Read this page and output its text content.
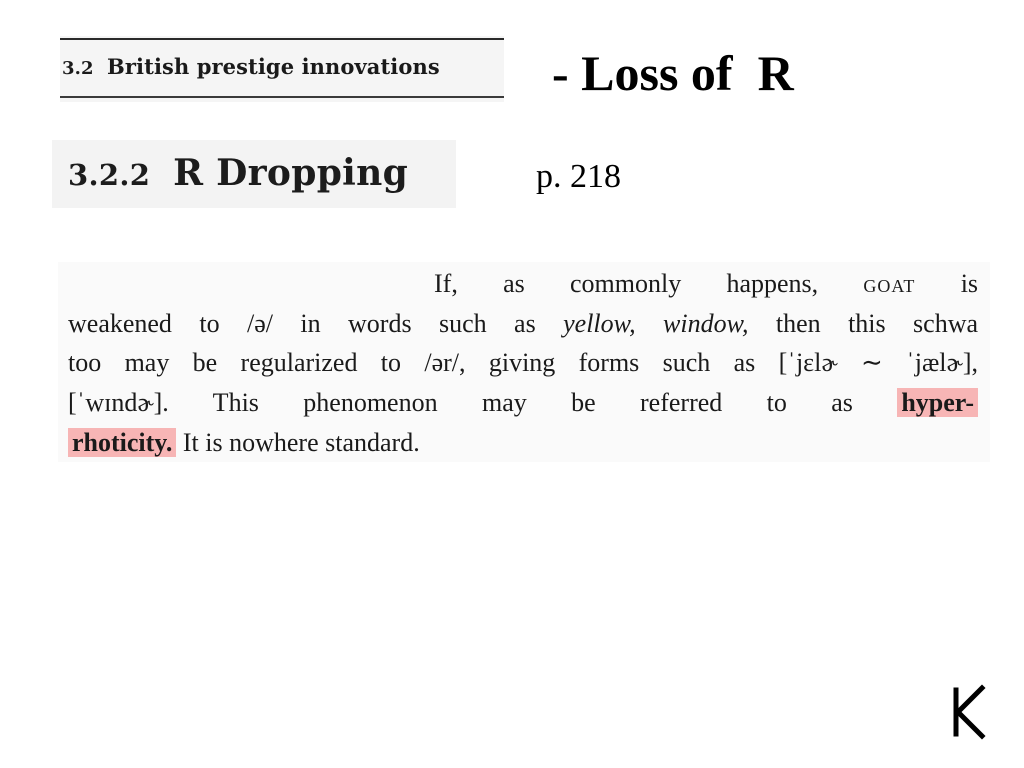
3.2 British prestige innovations - Loss of  R
3.2.2 R Dropping	p. 218
If, as commonly happens, goat is
weakened to /ə/ in words such as yellow, window, then this schwa
too may be regularized to /ər/, giving forms such as [ˈjɛlɚ ∼ ˈjælɚ],
[ˈwɪndɚ]. This phenomenon may be referred to as hyper-
rhoticity. It is nowhere standard.
